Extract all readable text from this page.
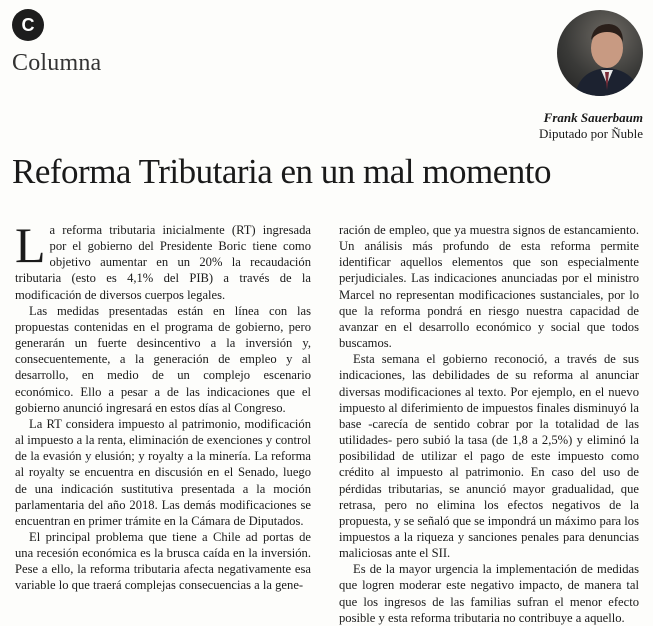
C
Columna
Frank Sauerbaum
Diputado por Ñuble
Reforma Tributaria en un mal momento

La reforma tributaria inicialmente (RT) ingresada por el gobierno del Presidente Boric tiene como objetivo aumentar en un 20% la recaudación tributaria (esto es 4,1% del PIB) a través de la modificación de diversos cuerpos legales.

Las medidas presentadas están en línea con las propuestas contenidas en el programa de gobierno, pero generarán un fuerte desincentivo a la inversión y, consecuentemente, a la generación de empleo y al desarrollo, en medio de un complejo escenario económico. Ello a pesar a de las indicaciones que el gobierno anunció ingresará en estos días al Congreso.

La RT considera impuesto al patrimonio, modificación al impuesto a la renta, eliminación de exenciones y control de la evasión y elusión; y royalty a la minería. La reforma al royalty se encuentra en discusión en el Senado, luego de una indicación sustitutiva presentada a la moción parlamentaria del año 2018. Las demás modificaciones se encuentran en primer trámite en la Cámara de Diputados.

El principal problema que tiene a Chile ad portas de una recesión económica es la brusca caída en la inversión. Pese a ello, la reforma tributaria afecta negativamente esa variable lo que traerá complejas consecuencias a la gene-

ración de empleo, que ya muestra signos de estancamiento. Un análisis más profundo de esta reforma permite identificar aquellos elementos que son especialmente perjudiciales. Las indicaciones anunciadas por el ministro Marcel no representan modificaciones sustanciales, por lo que la reforma pondrá en riesgo nuestra capacidad de avanzar en el desarrollo económico y social que todos buscamos.

Esta semana el gobierno reconoció, a través de sus indicaciones, las debilidades de su reforma al anunciar diversas modificaciones al texto. Por ejemplo, en el nuevo impuesto al diferimiento de impuestos finales disminuyó la base -carecía de sentido cobrar por la totalidad de las utilidades- pero subió la tasa (de 1,8 a 2,5%) y eliminó la posibilidad de utilizar el pago de este impuesto como crédito al impuesto al patrimonio. En caso del uso de pérdidas tributarias, se anunció mayor gradualidad, que retrasa, pero no elimina los efectos negativos de la propuesta, y se señaló que se impondrá un máximo para los impuestos a la riqueza y sanciones penales para denuncias maliciosas ante el SII.

Es de la mayor urgencia la implementación de medidas que logren moderar este negativo impacto, de manera tal que los ingresos de las familias sufran el menor efecto posible y esta reforma tributaria no contribuye a aquello.
